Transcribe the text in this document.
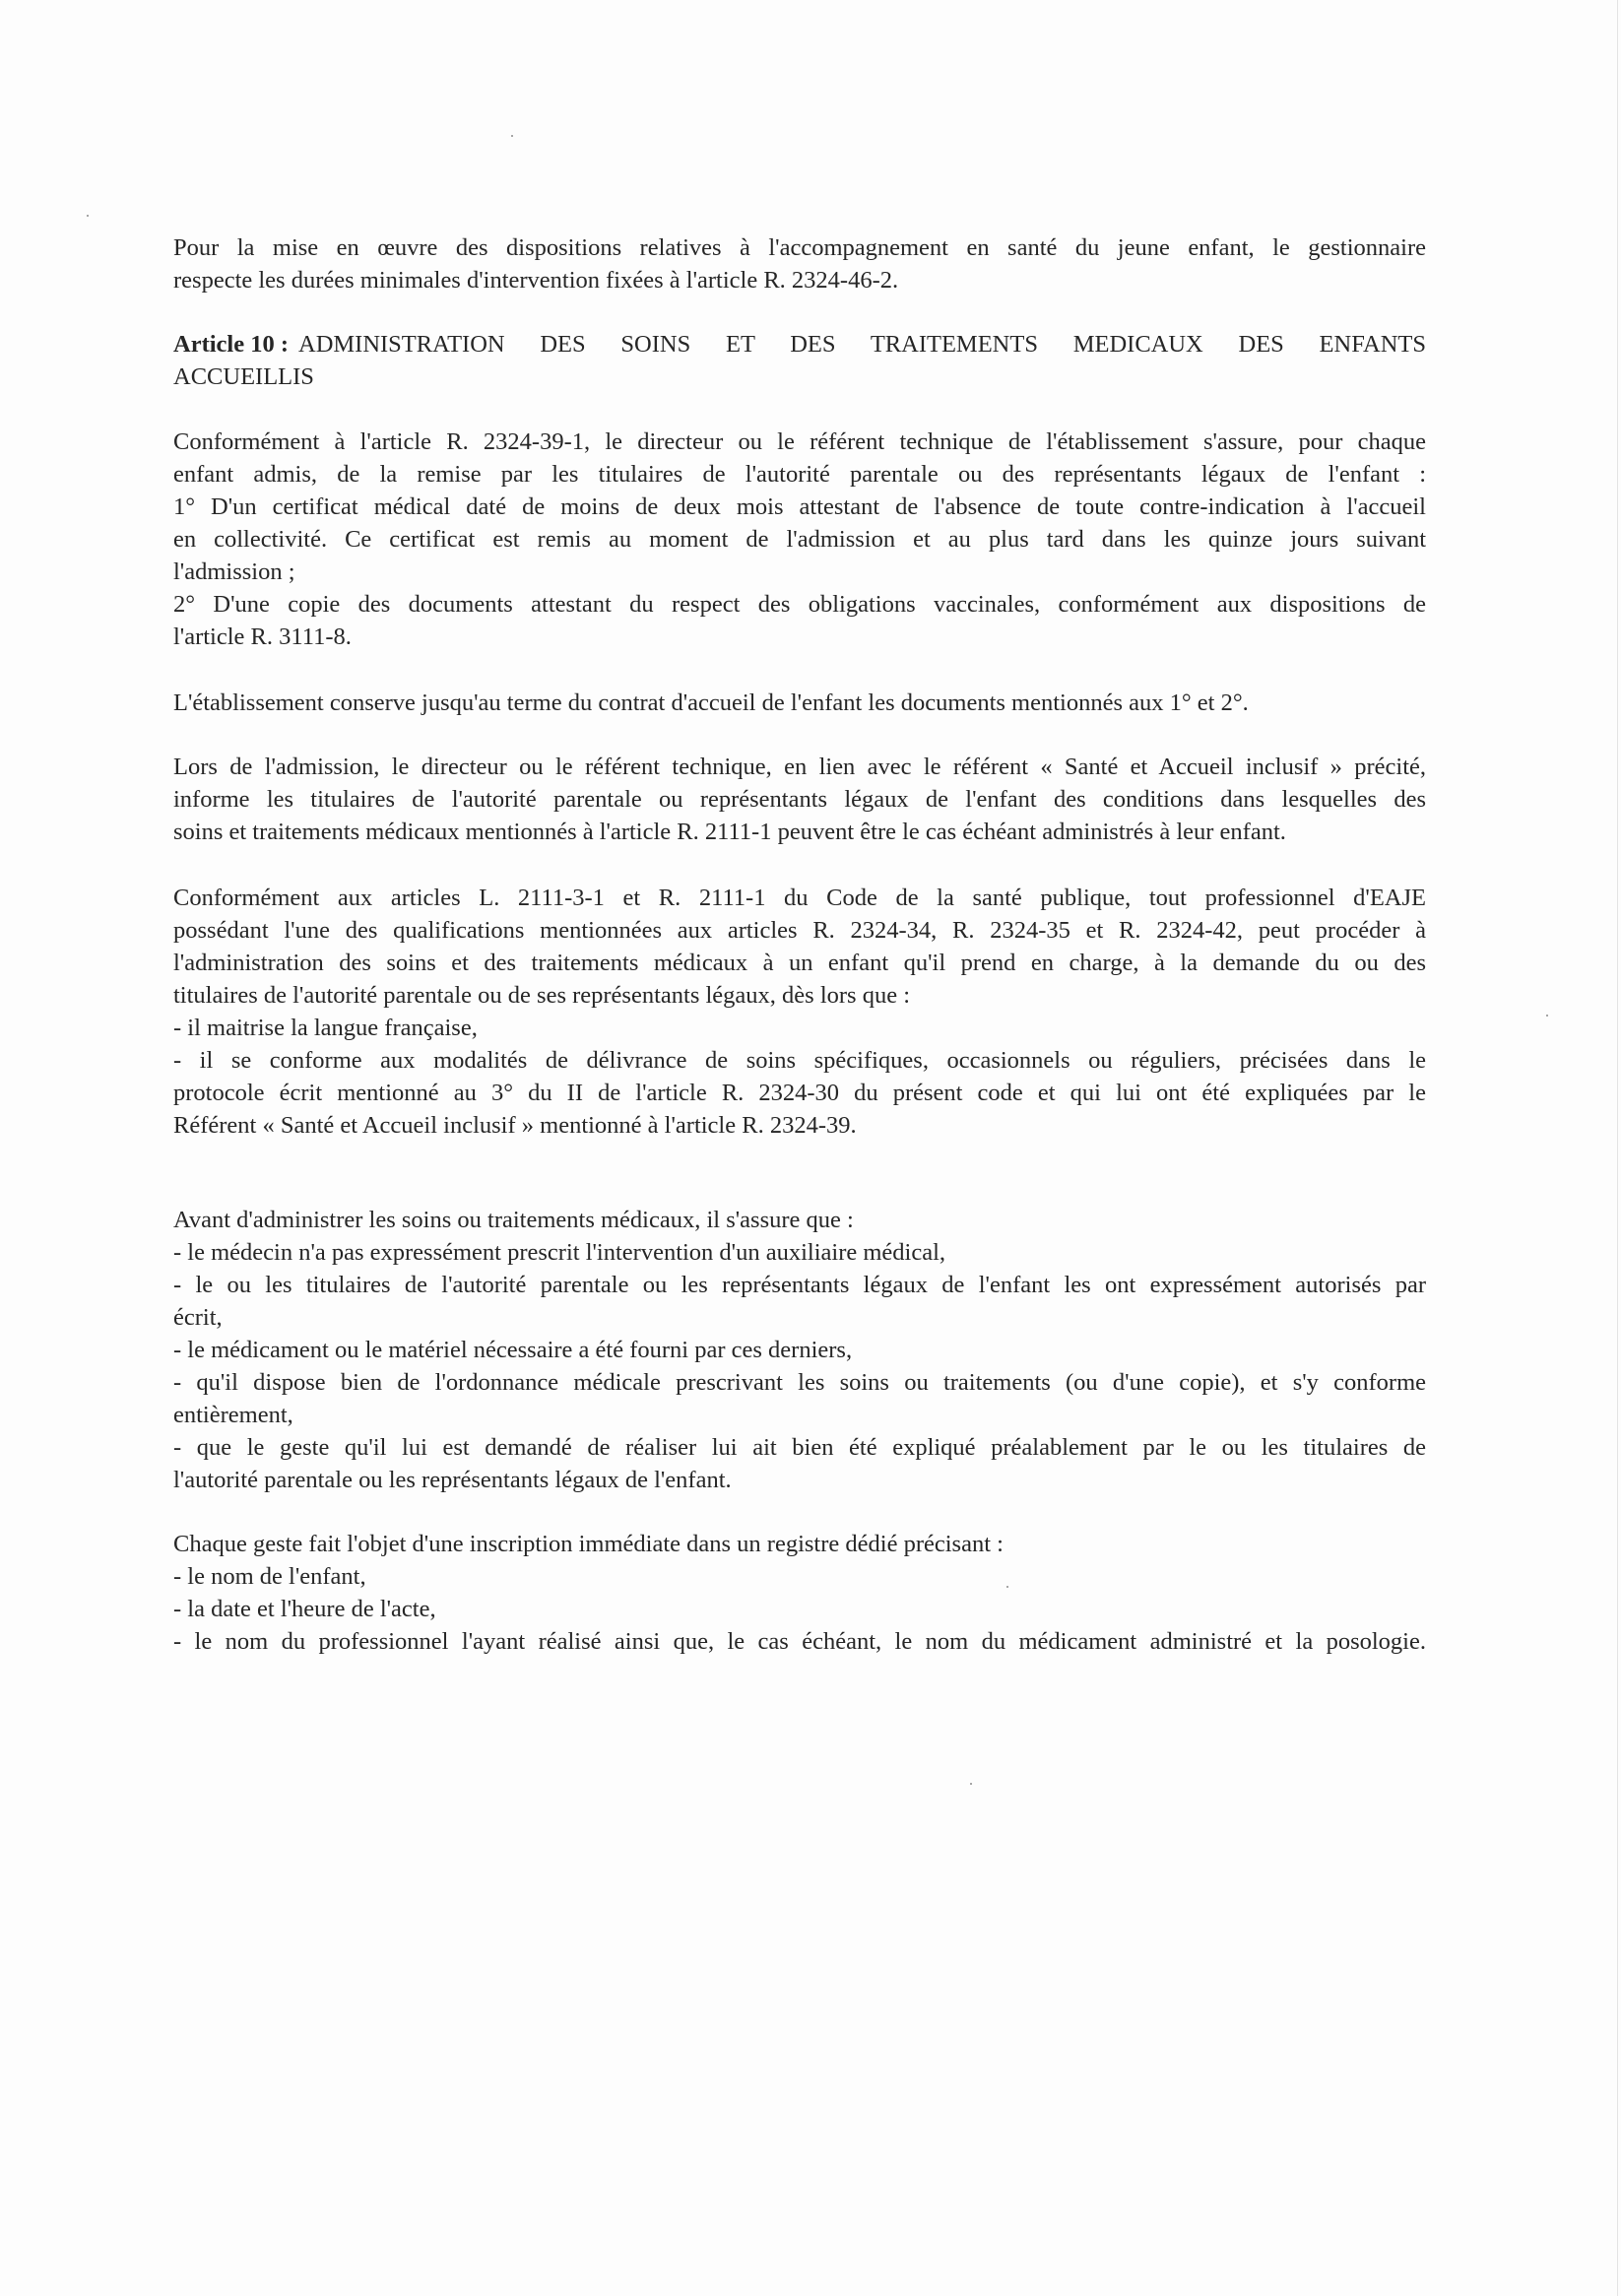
Pour la mise en œuvre des dispositions relatives à l'accompagnement en santé du jeune enfant, le gestionnaire
respecte les durées minimales d'intervention fixées à l'article R. 2324-46-2.
Article 10 : ADMINISTRATION DES SOINS ET DES TRAITEMENTS MEDICAUX DES ENFANTS
ACCUEILLIS
Conformément à l'article R. 2324-39-1, le directeur ou le référent technique de l'établissement s'assure, pour chaque
enfant admis, de la remise par les titulaires de l'autorité parentale ou des représentants légaux de l'enfant :
1° D'un certificat médical daté de moins de deux mois attestant de l'absence de toute contre-indication à l'accueil
en collectivité. Ce certificat est remis au moment de l'admission et au plus tard dans les quinze jours suivant
l'admission ;
2° D'une copie des documents attestant du respect des obligations vaccinales, conformément aux dispositions de
l'article R. 3111-8.
L'établissement conserve jusqu'au terme du contrat d'accueil de l'enfant les documents mentionnés aux 1° et 2°.
Lors de l'admission, le directeur ou le référent technique, en lien avec le référent « Santé et Accueil inclusif » précité,
informe les titulaires de l'autorité parentale ou représentants légaux de l'enfant des conditions dans lesquelles des
soins et traitements médicaux mentionnés à l'article R. 2111-1 peuvent être le cas échéant administrés à leur enfant.
Conformément aux articles L. 2111-3-1 et R. 2111-1 du Code de la santé publique, tout professionnel d'EAJE
possédant l'une des qualifications mentionnées aux articles R. 2324-34, R. 2324-35 et R. 2324-42, peut procéder à
l'administration des soins et des traitements médicaux à un enfant qu'il prend en charge, à la demande du ou des
titulaires de l'autorité parentale ou de ses représentants légaux, dès lors que :
- il maitrise la langue française,
- il se conforme aux modalités de délivrance de soins spécifiques, occasionnels ou réguliers, précisées dans le
protocole écrit mentionné au 3° du II de l'article R. 2324-30 du présent code et qui lui ont été expliquées par le
Référent « Santé et Accueil inclusif » mentionné à l'article R. 2324-39.
Avant d'administrer les soins ou traitements médicaux, il s'assure que :
- le médecin n'a pas expressément prescrit l'intervention d'un auxiliaire médical,
- le ou les titulaires de l'autorité parentale ou les représentants légaux de l'enfant les ont expressément autorisés par
écrit,
- le médicament ou le matériel nécessaire a été fourni par ces derniers,
- qu'il dispose bien de l'ordonnance médicale prescrivant les soins ou traitements (ou d'une copie), et s'y conforme
entièrement,
- que le geste qu'il lui est demandé de réaliser lui ait bien été expliqué préalablement par le ou les titulaires de
l'autorité parentale ou les représentants légaux de l'enfant.
Chaque geste fait l'objet d'une inscription immédiate dans un registre dédié précisant :
- le nom de l'enfant,
- la date et l'heure de l'acte,
- le nom du professionnel l'ayant réalisé ainsi que, le cas échéant, le nom du médicament administré et la posologie.
